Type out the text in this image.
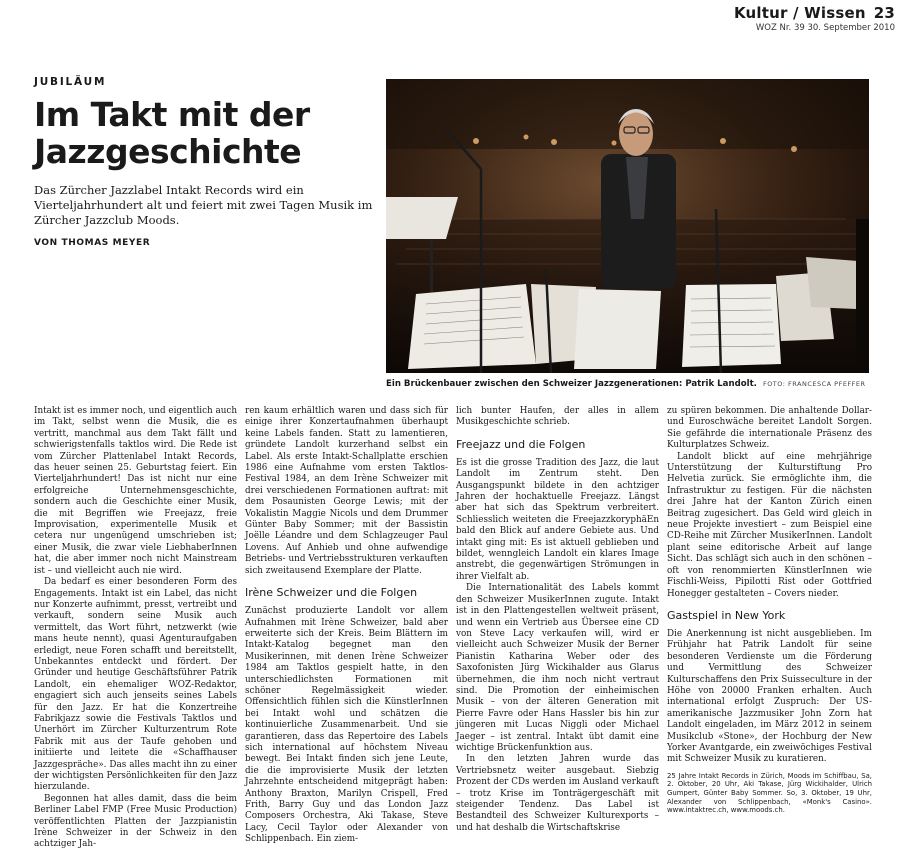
Kultur / Wissen 23
WOZ Nr. 39 30. September 2010
JUBILÄUM
Im Takt mit der Jazzgeschichte

Das Zürcher Jazzlabel Intakt Records wird ein Vierteljahrhundert alt und feiert mit zwei Tagen Musik im Zürcher Jazzclub Moods.

VON THOMAS MEYER
Ein Brückenbauer zwischen den Schweizer Jazzgenerationen: Patrik Landolt. FOTO: FRANCESCA PFEFFER

Intakt ist es immer noch, und eigentlich auch im Takt, selbst wenn die Musik, die es vertritt, manchmal aus dem Takt fällt und schwierigstenfalls taktlos wird. Die Rede ist vom Zürcher Plattenlabel Intakt Records, das heuer seinen 25. Geburtstag feiert. Ein Vierteljahrhundert! Das ist nicht nur eine erfolgreiche Unternehmensgeschichte, sondern auch die Geschichte einer Musik, die mit Begriffen wie Freejazz, freie Improvisation, experimentelle Musik et cetera nur ungenügend umschrieben ist; einer Musik, die zwar viele LiebhaberInnen hat, die aber immer noch nicht Mainstream ist – und vielleicht auch nie wird.

Da bedarf es einer besonderen Form des Engagements. Intakt ist ein Label, das nicht nur Konzerte aufnimmt, presst, vertreibt und verkauft, sondern seine Musik auch vermittelt, das Wort führt, netzwerkt (wie mans heute nennt), quasi Agenturaufgaben erledigt, neue Foren schafft und bereitstellt, Unbekanntes entdeckt und fördert. Der Gründer und heutige Geschäftsführer Patrik Landolt, ein ehemaliger WOZ-Redaktor, engagiert sich auch jenseits seines Labels für den Jazz. Er hat die Konzertreihe Fabrikjazz sowie die Festivals Taktlos und Unerhört im Zürcher Kulturzentrum Rote Fabrik mit aus der Taufe gehoben und initiierte und leitete die «Schaffhauser Jazzgespräche». Das alles macht ihn zu einer der wichtigsten Persönlichkeiten für den Jazz hierzulande.

Begonnen hat alles damit, dass die beim Berliner Label FMP (Free Music Production) veröffentlichten Platten der Jazzpianistin Irène Schweizer in der Schweiz in den achtziger Jah-

ren kaum erhältlich waren und dass sich für einige ihrer Konzertaufnahmen überhaupt keine Labels fanden. Statt zu lamentieren, gründete Landolt kurzerhand selbst ein Label. Als erste Intakt-Schallplatte erschien 1986 eine Aufnahme vom ersten Taktlos-Festival 1984, an dem Irène Schweizer mit drei verschiedenen Formationen auftrat: mit dem Posaunisten George Lewis; mit der Vokalistin Maggie Nicols und dem Drummer Günter Baby Sommer; mit der Bassistin Joëlle Léandre und dem Schlagzeuger Paul Lovens. Auf Anhieb und ohne aufwendige Betriebs- und Vertriebsstrukturen verkauften sich zweitausend Exemplare der Platte.

Irène Schweizer und die Folgen

Zunächst produzierte Landolt vor allem Aufnahmen mit Irène Schweizer, bald aber erweiterte sich der Kreis. Beim Blättern im Intakt-Katalog begegnet man den Musikerinnen, mit denen Irène Schweizer 1984 am Taktlos gespielt hatte, in den unterschiedlichsten Formationen mit schöner Regelmässigkeit wieder. Offensichtlich fühlen sich die KünstlerInnen bei Intakt wohl und schätzen die kontinuierliche Zusammenarbeit. Und sie garantieren, dass das Repertoire des Labels sich international auf höchstem Niveau bewegt. Bei Intakt finden sich jene Leute, die die improvisierte Musik der letzten Jahrzehnte entscheidend mitgeprägt haben: Anthony Braxton, Marilyn Crispell, Fred Frith, Barry Guy und das London Jazz Composers Orchestra, Aki Takase, Steve Lacy, Cecil Taylor oder Alexander von Schlippenbach. Ein ziem-

lich bunter Haufen, der alles in allem Musikgeschichte schrieb.

Freejazz und die Folgen

Es ist die grosse Tradition des Jazz, die laut Landolt im Zentrum steht. Den Ausgangspunkt bildete in den achtziger Jahren der hochaktuelle Freejazz. Längst aber hat sich das Spektrum verbreitert. Schliesslich weiteten die FreejazzkoryphäEn bald den Blick auf andere Gebiete aus. Und intakt ging mit: Es ist aktuell geblieben und bildet, wenngleich Landolt ein klares Image anstrebt, die gegenwärtigen Strömungen in ihrer Vielfalt ab.

Die Internationalität des Labels kommt den Schweizer MusikerInnen zugute. Intakt ist in den Plattengestellen weltweit präsent, und wenn ein Vertrieb aus Übersee eine CD von Steve Lacy verkaufen will, wird er vielleicht auch Schweizer Musik der Berner Pianistin Katharina Weber oder des Saxofonisten Jürg Wickihalder aus Glarus übernehmen, die ihm noch nicht vertraut sind. Die Promotion der einheimischen Musik – von der älteren Generation mit Pierre Favre oder Hans Hassler bis hin zur jüngeren mit Lucas Niggli oder Michael Jaeger – ist zentral. Intakt übt damit eine wichtige Brückenfunktion aus.

In den letzten Jahren wurde das Vertriebsnetz weiter ausgebaut. Siebzig Prozent der CDs werden im Ausland verkauft – trotz Krise im Tonträgergeschäft mit steigender Tendenz. Das Label ist Bestandteil des Schweizer Kulturexports – und hat deshalb die Wirtschaftskrise

zu spüren bekommen. Die anhaltende Dollar- und Euroschwäche bereitet Landolt Sorgen. Sie gefährde die internationale Präsenz des Kulturplatzes Schweiz.

Landolt blickt auf eine mehrjährige Unterstützung der Kulturstiftung Pro Helvetia zurück. Sie ermöglichte ihm, die Infrastruktur zu festigen. Für die nächsten drei Jahre hat der Kanton Zürich einen Beitrag zugesichert. Das Geld wird gleich in neue Projekte investiert – zum Beispiel eine CD-Reihe mit Zürcher MusikerInnen. Landolt plant seine editorische Arbeit auf lange Sicht. Das schlägt sich auch in den schönen – oft von renommierten KünstlerInnen wie Fischli-Weiss, Pipilotti Rist oder Gottfried Honegger gestalteten – Covers nieder.

Gastspiel in New York

Die Anerkennung ist nicht ausgeblieben. Im Frühjahr hat Patrik Landolt für seine besonderen Verdienste um die Förderung und Vermittlung des Schweizer Kulturschaffens den Prix Suisseculture in der Höhe von 20000 Franken erhalten. Auch international erfolgt Zuspruch: Der US-amerikanische Jazzmusiker John Zorn hat Landolt eingeladen, im März 2012 in seinem Musikclub «Stone», der Hochburg der New Yorker Avantgarde, ein zweiwöchiges Festival mit Schweizer Musik zu kuratieren.

25 Jahre Intakt Records in Zürich, Moods im Schiffbau, Sa, 2. Oktober, 20 Uhr, Aki Takase, Jürg Wickihalder, Ulrich Gumpert, Günter Baby Sommer. So, 3. Oktober, 19 Uhr, Alexander von Schlippenbach, «Monk's Casino». www.intaktrec.ch, www.moods.ch.
